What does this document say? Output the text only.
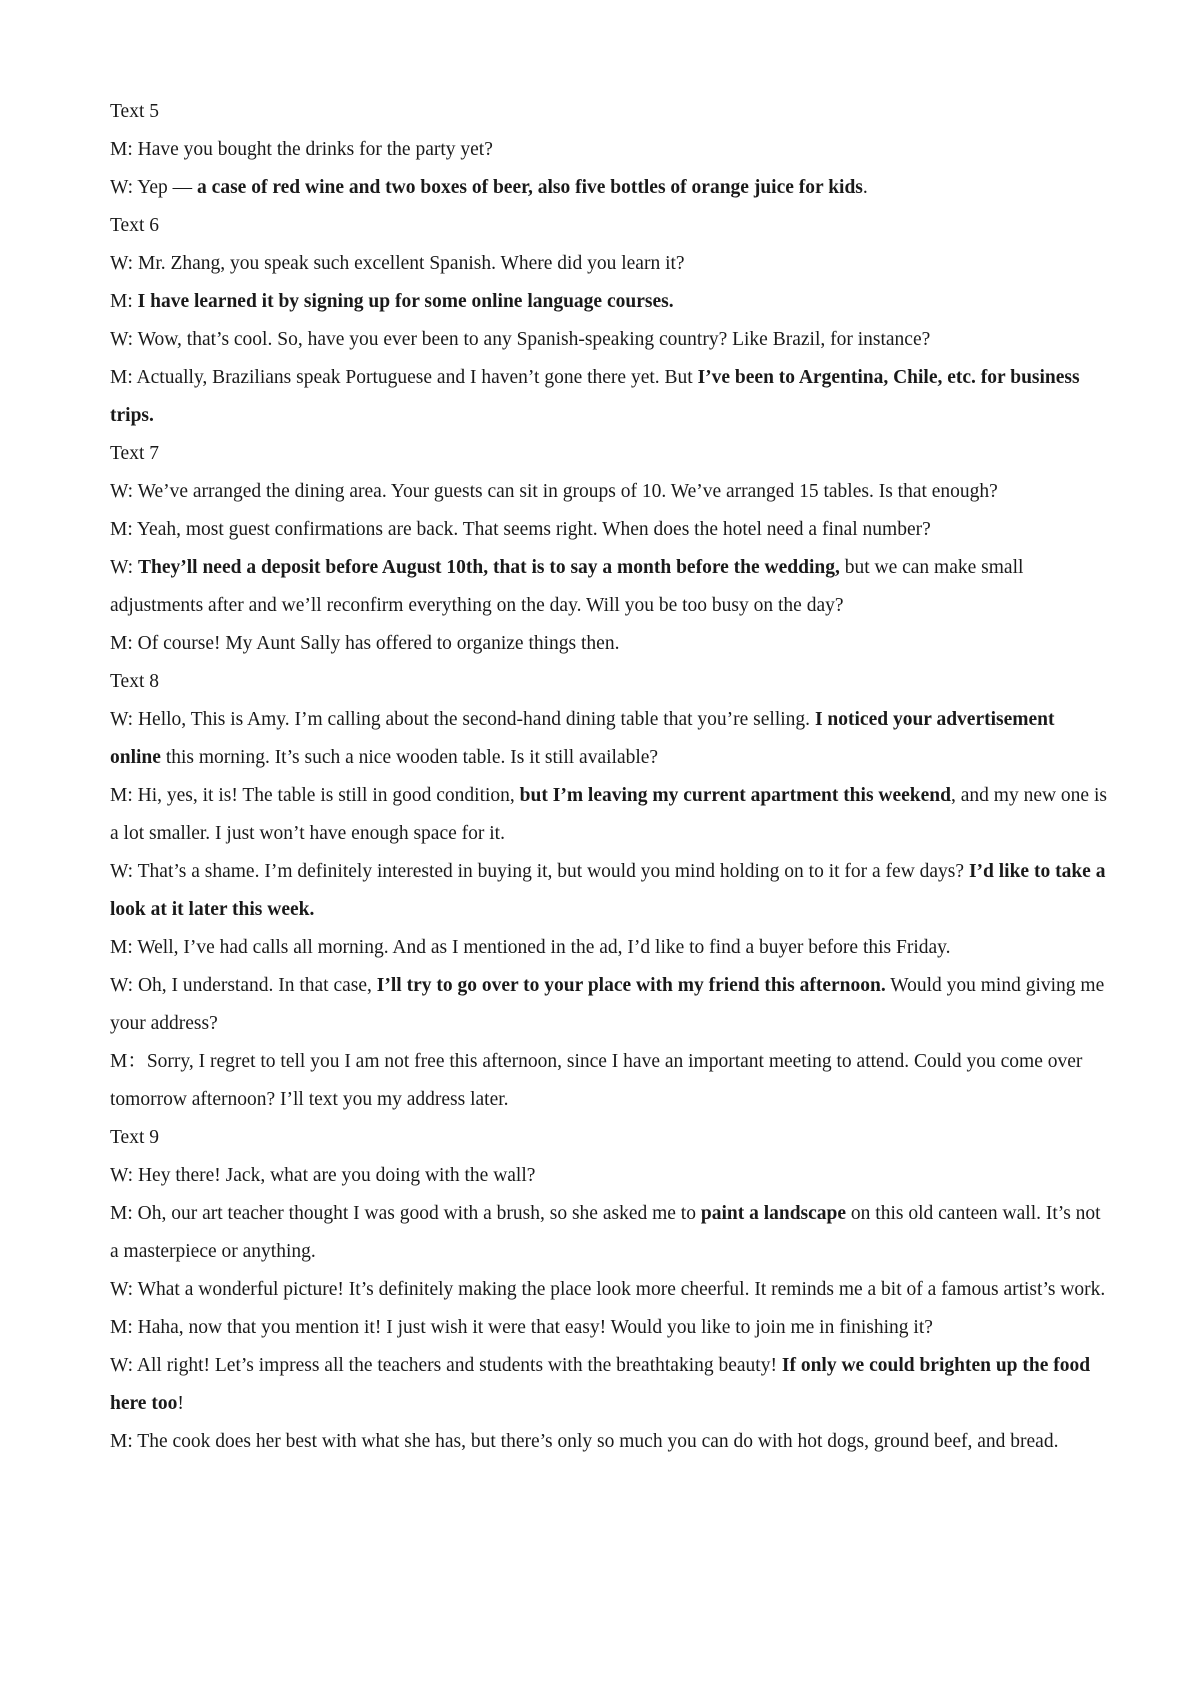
Text 5

M: Have you bought the drinks for the party yet?

W: Yep — a case of red wine and two boxes of beer, also five bottles of orange juice for kids.

Text 6

W: Mr. Zhang, you speak such excellent Spanish. Where did you learn it?

M: I have learned it by signing up for some online language courses.

W: Wow, that’s cool. So, have you ever been to any Spanish-speaking country? Like Brazil, for instance?

M: Actually, Brazilians speak Portuguese and I haven’t gone there yet. But I’ve been to Argentina, Chile, etc. for business trips.

Text 7

W: We’ve arranged the dining area. Your guests can sit in groups of 10. We’ve arranged 15 tables. Is that enough?

M: Yeah, most guest confirmations are back. That seems right. When does the hotel need a final number?

W: They’ll need a deposit before August 10th, that is to say a month before the wedding, but we can make small adjustments after and we’ll reconfirm everything on the day. Will you be too busy on the day?

M: Of course! My Aunt Sally has offered to organize things then.

Text 8

W: Hello, This is Amy. I’m calling about the second-hand dining table that you’re selling. I noticed your advertisement online this morning. It’s such a nice wooden table. Is it still available?

M: Hi, yes, it is! The table is still in good condition, but I’m leaving my current apartment this weekend, and my new one is a lot smaller. I just won’t have enough space for it.

W: That’s a shame. I’m definitely interested in buying it, but would you mind holding on to it for a few days? I’d like to take a look at it later this week.

M: Well, I’ve had calls all morning. And as I mentioned in the ad, I’d like to find a buyer before this Friday.

W: Oh, I understand. In that case, I’ll try to go over to your place with my friend this afternoon. Would you mind giving me your address?

M：Sorry, I regret to tell you I am not free this afternoon, since I have an important meeting to attend. Could you come over tomorrow afternoon? I’ll text you my address later.

Text 9

W: Hey there! Jack, what are you doing with the wall?

M: Oh, our art teacher thought I was good with a brush, so she asked me to paint a landscape on this old canteen wall. It’s not a masterpiece or anything.

W: What a wonderful picture! It’s definitely making the place look more cheerful. It reminds me a bit of a famous artist’s work.

M: Haha, now that you mention it! I just wish it were that easy! Would you like to join me in finishing it?

W: All right! Let’s impress all the teachers and students with the breathtaking beauty! If only we could brighten up the food here too!

M: The cook does her best with what she has, but there’s only so much you can do with hot dogs, ground beef, and bread.
